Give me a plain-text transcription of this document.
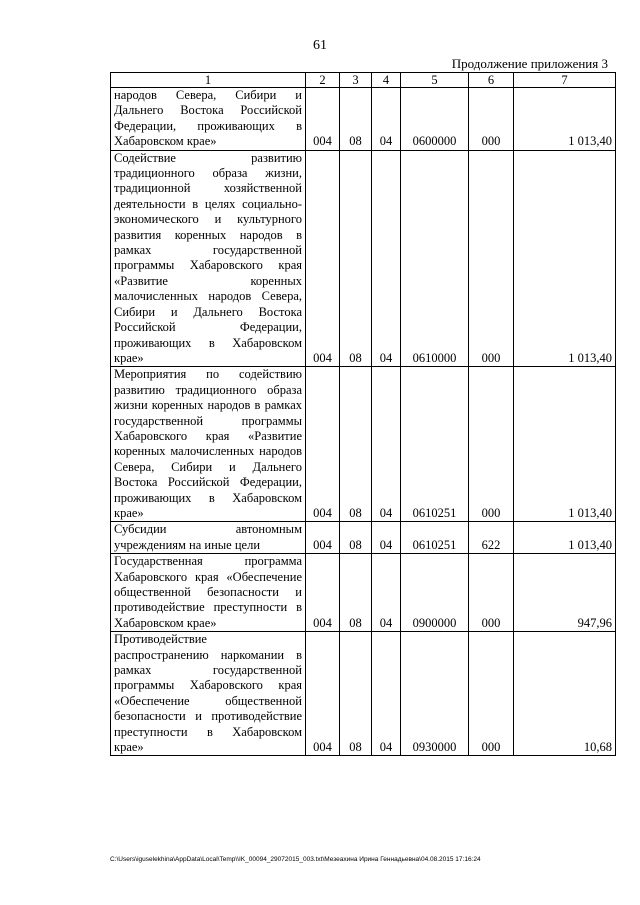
61
Продолжение приложения 3
1	2	3	4	5	6	7
народов Севера, Сибири и Дальнего Востока Российской Федерации, проживающих в Хабаровском крае»	004	08	04	0600000	000	1 013,40
Содействие развитию традиционного образа жизни, традиционной хозяйственной деятельности в целях социально-экономического и культурного развития коренных народов в рамках государственной программы Хабаровского края «Развитие коренных малочисленных народов Севера, Сибири и Дальнего Востока Российской Федерации, проживающих в Хабаровском крае»	004	08	04	0610000	000	1 013,40
Мероприятия по содействию развитию традиционного образа жизни коренных народов в рамках государственной программы Хабаровского края «Развитие коренных малочисленных народов Севера, Сибири и Дальнего Востока Российской Федерации, проживающих в Хабаровском крае»	004	08	04	0610251	000	1 013,40
Субсидии автономным учреждениям на иные цели	004	08	04	0610251	622	1 013,40
Государственная программа Хабаровского края «Обеспечение общественной безопасности и противодействие преступности в Хабаровском крае»	004	08	04	0900000	000	947,96
Противодействие распространению наркомании в рамках государственной программы Хабаровского края «Обеспечение общественной безопасности и противодействие преступности в Хабаровском крае»	004	08	04	0930000	000	10,68
C:\Users\iguselekhina\AppData\Local\Temp\\IK_00094_29072015_003.txt\Мезеахина Ирина Геннадьевна\04.08.2015 17:16:24
